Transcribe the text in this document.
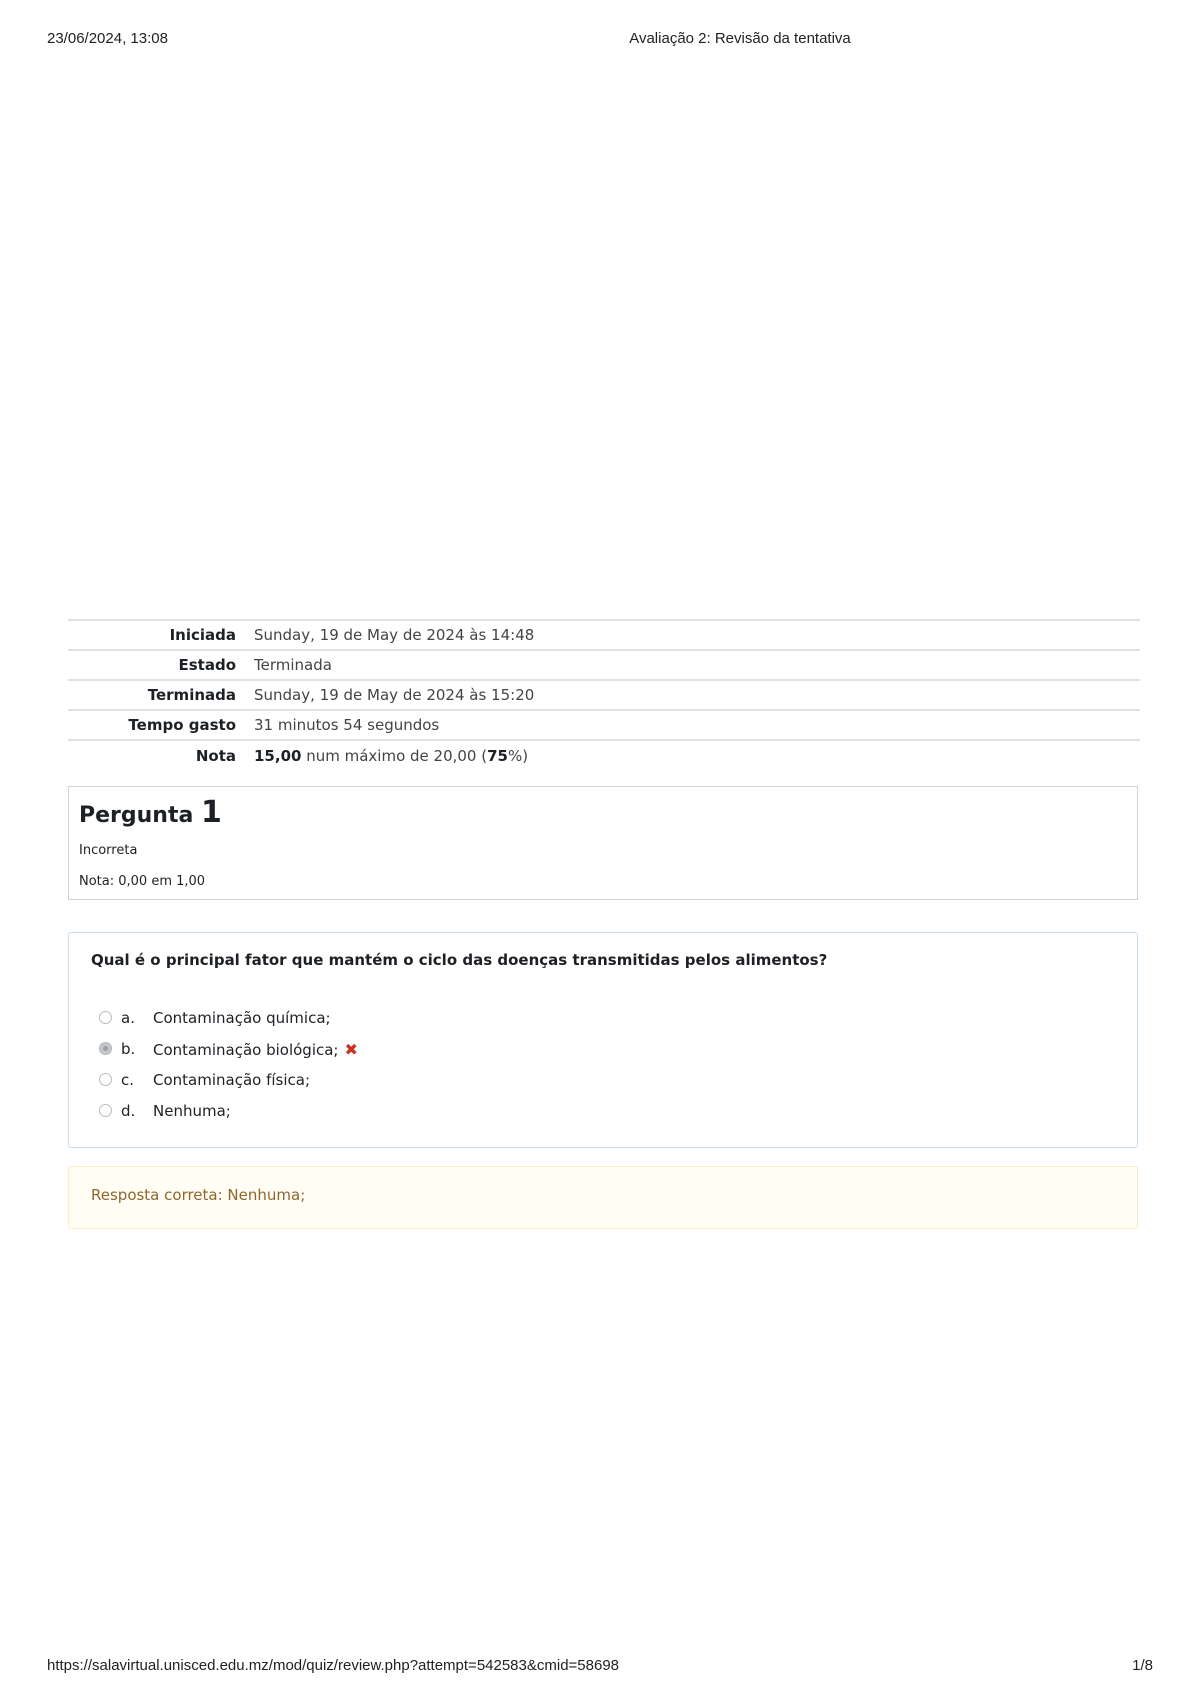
23/06/2024, 13:08	Avaliação 2: Revisão da tentativa
Iniciada	Sunday, 19 de May de 2024 às 14:48
Estado	Terminada
Terminada	Sunday, 19 de May de 2024 às 15:20
Tempo gasto	31 minutos 54 segundos
Nota	15,00 num máximo de 20,00 (75%)
Pergunta 1
Incorreta
Nota: 0,00 em 1,00
Qual é o principal fator que mantém o ciclo das doenças transmitidas pelos alimentos?
a. Contaminação química;
b. Contaminação biológica; ✖
c. Contaminação física;
d. Nenhuma;
Resposta correta: Nenhuma;
https://salavirtual.unisced.edu.mz/mod/quiz/review.php?attempt=542583&cmid=58698	1/8
